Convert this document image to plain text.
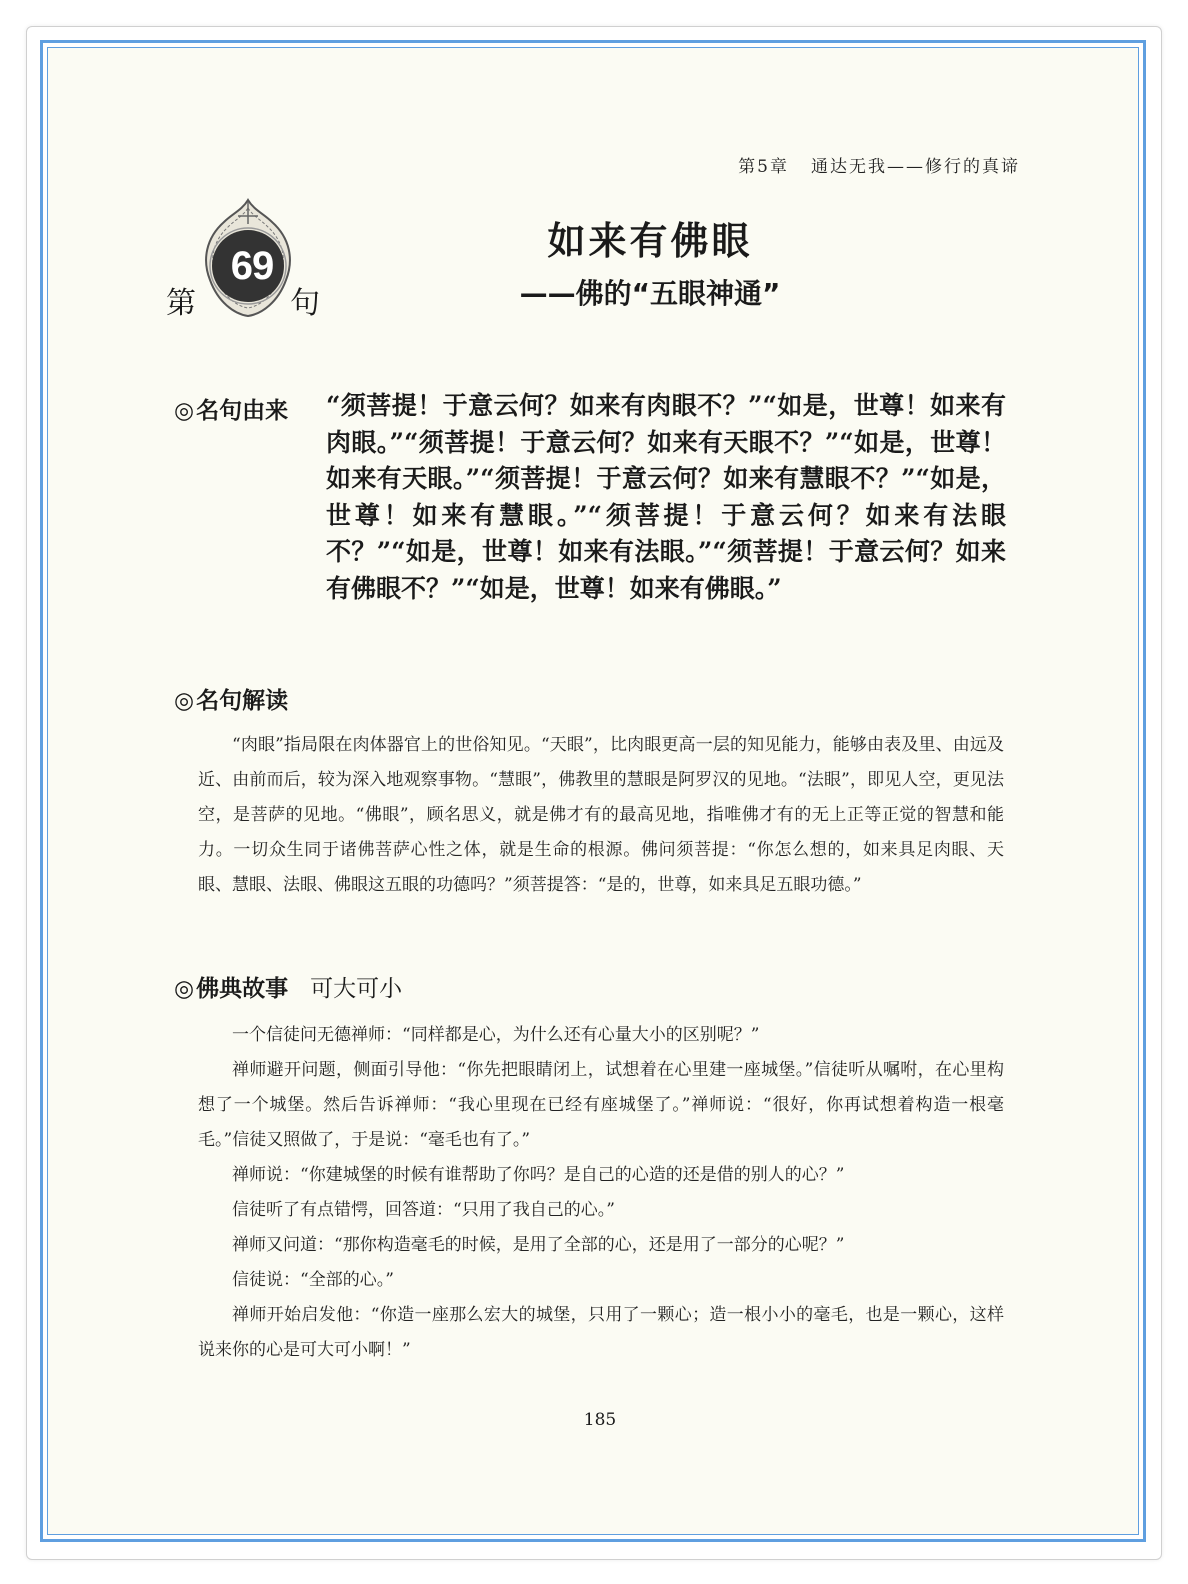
第5章 通达无我——修行的真谛
69
第	句
如来有佛眼
——佛的“五眼神通”
◎名句由来 “须菩提！于意云何？如来有肉眼不？”“如是，世尊！如来有肉眼。”“须菩提！于意云何？如来有天眼不？”“如是，世尊！如来有天眼。”“须菩提！于意云何？如来有慧眼不？”“如是，世尊！如来有慧眼。”“须菩提！于意云何？如来有法眼不？”“如是，世尊！如来有法眼。”“须菩提！于意云何？如来有佛眼不？”“如是，世尊！如来有佛眼。”
◎名句解读

“肉眼”指局限在肉体器官上的世俗知见。“天眼”，比肉眼更高一层的知见能力，能够由表及里、由远及近、由前而后，较为深入地观察事物。“慧眼”，佛教里的慧眼是阿罗汉的见地。“法眼”，即见人空，更见法空，是菩萨的见地。“佛眼”，顾名思义，就是佛才有的最高见地，指唯佛才有的无上正等正觉的智慧和能力。一切众生同于诸佛菩萨心性之体，就是生命的根源。佛问须菩提：“你怎么想的，如来具足肉眼、天眼、慧眼、法眼、佛眼这五眼的功德吗？”须菩提答：“是的，世尊，如来具足五眼功德。”

◎佛典故事 可大可小

一个信徒问无德禅师：“同样都是心，为什么还有心量大小的区别呢？”

禅师避开问题，侧面引导他：“你先把眼睛闭上，试想着在心里建一座城堡。”信徒听从嘱咐，在心里构想了一个城堡。然后告诉禅师：“我心里现在已经有座城堡了。”禅师说：“很好，你再试想着构造一根毫毛。”信徒又照做了，于是说：“毫毛也有了。”

禅师说：“你建城堡的时候有谁帮助了你吗？是自己的心造的还是借的别人的心？”

信徒听了有点错愕，回答道：“只用了我自己的心。”

禅师又问道：“那你构造毫毛的时候，是用了全部的心，还是用了一部分的心呢？”

信徒说：“全部的心。”

禅师开始启发他：“你造一座那么宏大的城堡，只用了一颗心；造一根小小的毫毛，也是一颗心，这样说来你的心是可大可小啊！”

185
